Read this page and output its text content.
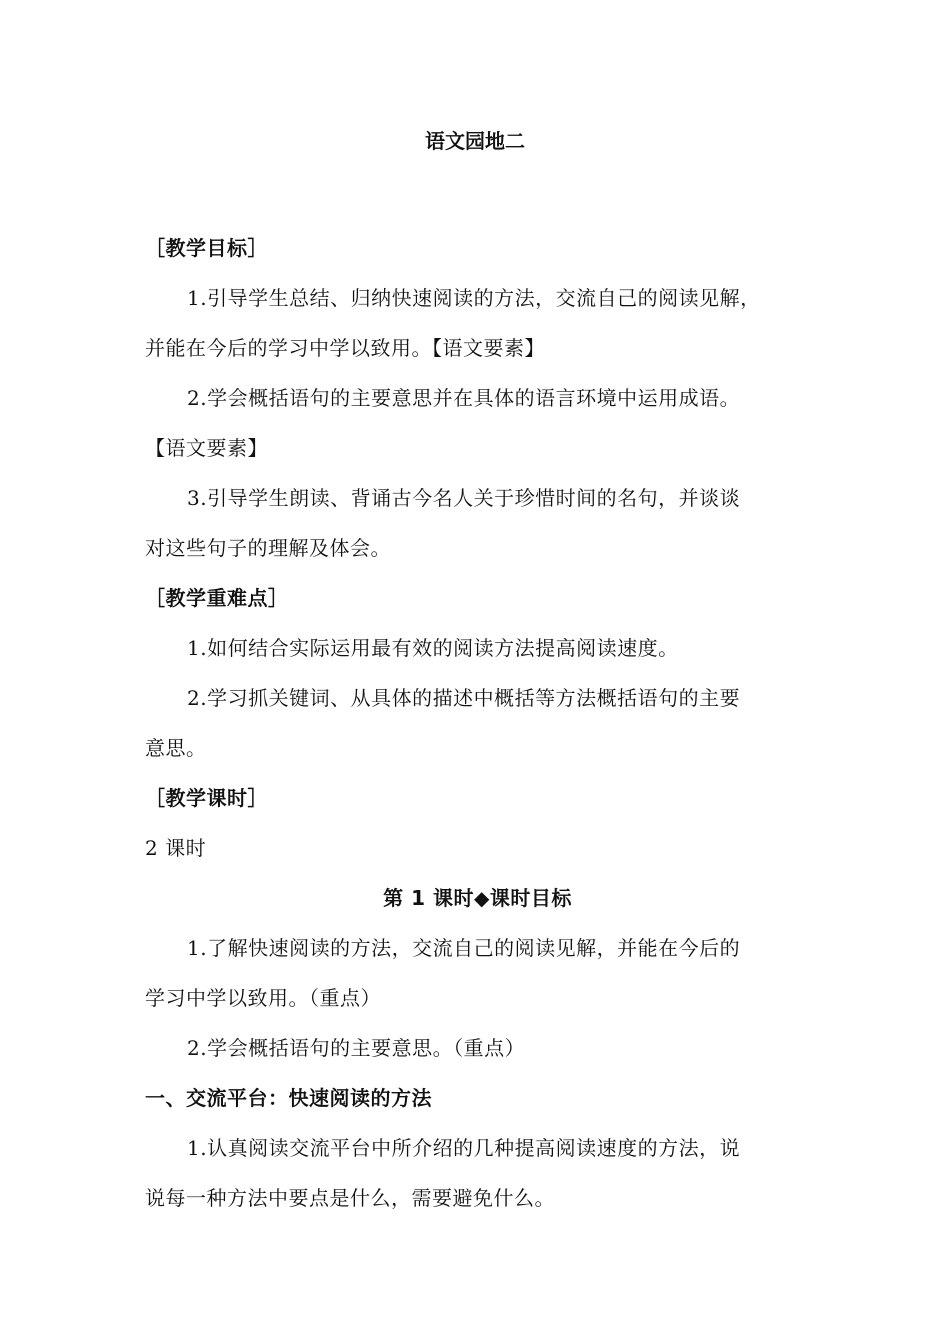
语文园地二
［教学目标］
1.引导学生总结、归纳快速阅读的方法，交流自己的阅读见解，
并能在今后的学习中学以致用。【语文要素】
2.学会概括语句的主要意思并在具体的语言环境中运用成语。
【语文要素】
3.引导学生朗读、背诵古今名人关于珍惜时间的名句，并谈谈
对这些句子的理解及体会。
［教学重难点］
1.如何结合实际运用最有效的阅读方法提高阅读速度。
2.学习抓关键词、从具体的描述中概括等方法概括语句的主要
意思。
［教学课时］
2 课时
第 1 课时◆课时目标
1.了解快速阅读的方法，交流自己的阅读见解，并能在今后的
学习中学以致用。（重点）
2.学会概括语句的主要意思。（重点）
一、交流平台：快速阅读的方法
1.认真阅读交流平台中所介绍的几种提高阅读速度的方法，说
说每一种方法中要点是什么，需要避免什么。
